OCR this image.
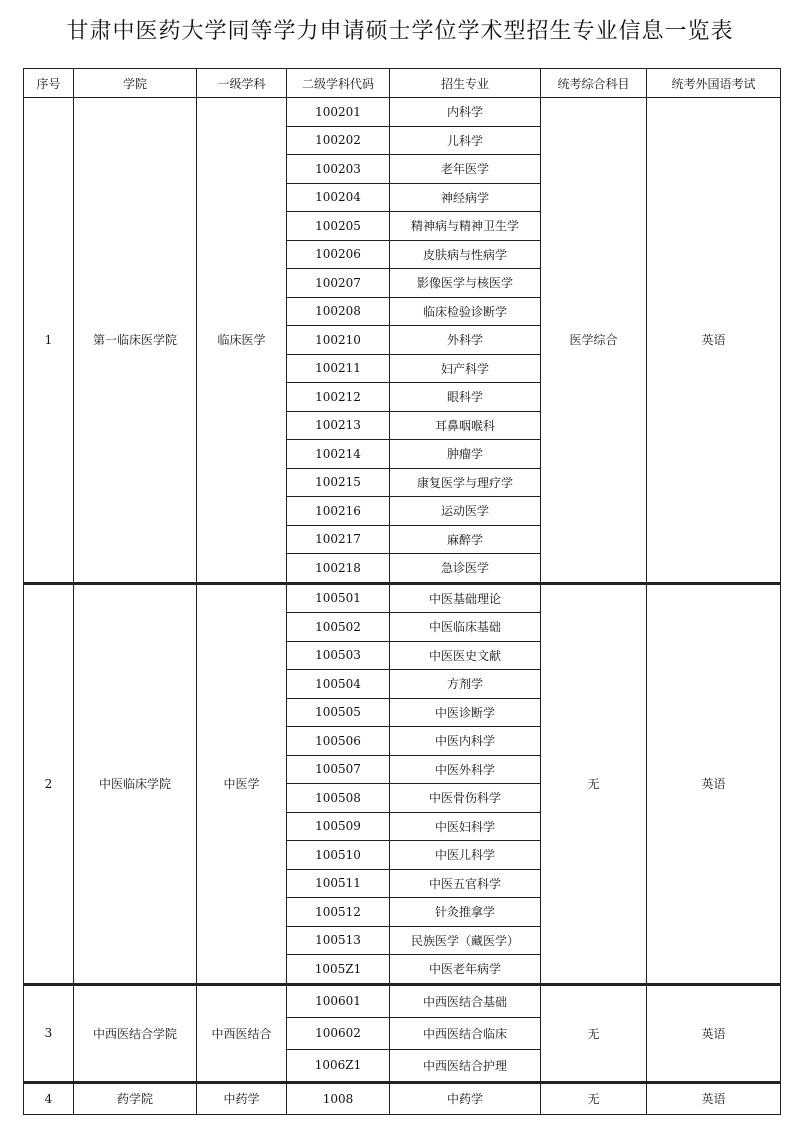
甘肃中医药大学同等学力申请硕士学位学术型招生专业信息一览表
序号	学院	一级学科	二级学科代码	招生专业	统考综合科目	统考外国语考试
1	第一临床医学院	临床医学	100201	内科学	医学综合	英语
			100202	儿科学		
			100203	老年医学		
			100204	神经病学		
			100205	精神病与精神卫生学		
			100206	皮肤病与性病学		
			100207	影像医学与核医学		
			100208	临床检验诊断学		
			100210	外科学		
			100211	妇产科学		
			100212	眼科学		
			100213	耳鼻咽喉科		
			100214	肿瘤学		
			100215	康复医学与理疗学		
			100216	运动医学		
			100217	麻醉学		
			100218	急诊医学		
2	中医临床学院	中医学	100501	中医基础理论	无	英语
			100502	中医临床基础		
			100503	中医医史文献		
			100504	方剂学		
			100505	中医诊断学		
			100506	中医内科学		
			100507	中医外科学		
			100508	中医骨伤科学		
			100509	中医妇科学		
			100510	中医儿科学		
			100511	中医五官科学		
			100512	针灸推拿学		
			100513	民族医学（藏医学）		
			1005Z1	中医老年病学		
3	中西医结合学院	中西医结合	100601	中西医结合基础	无	英语
			100602	中西医结合临床		
			1006Z1	中西医结合护理		
4	药学院	中药学	1008	中药学	无	英语
